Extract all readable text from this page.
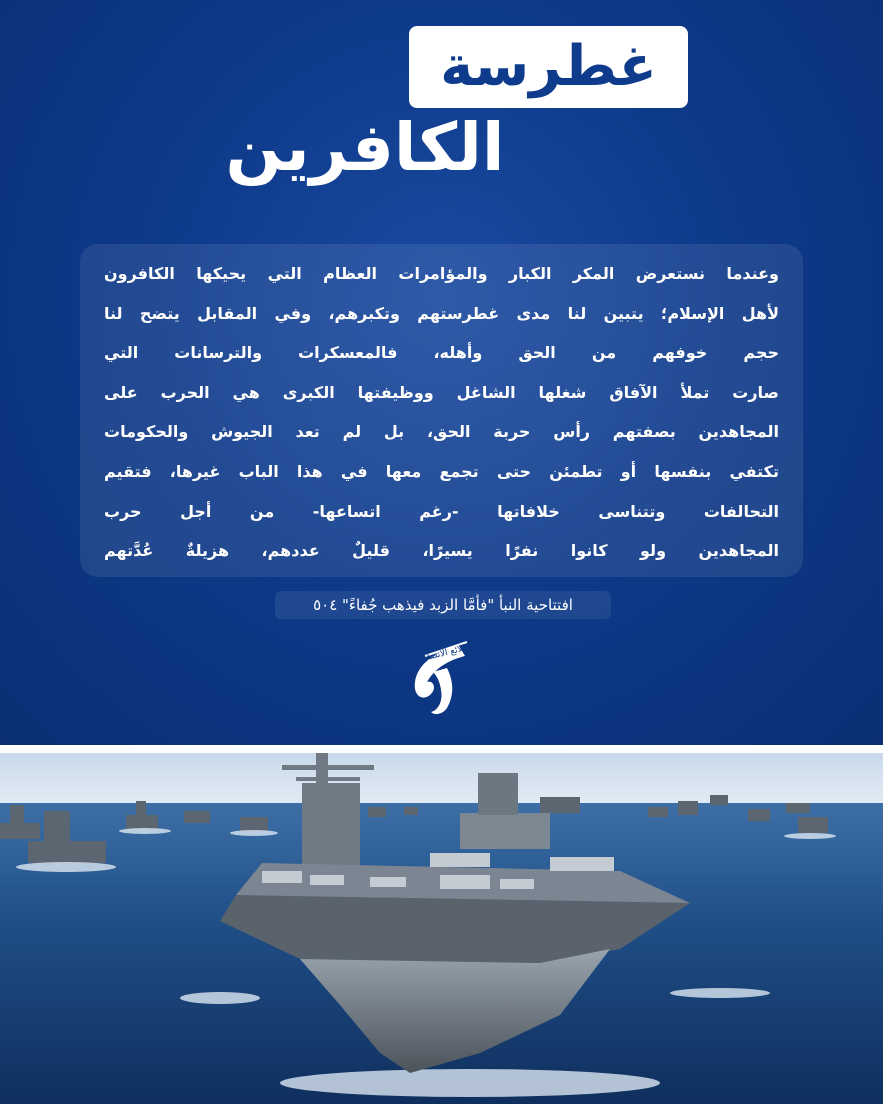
غطرسة
الكافرين
وعندما نستعرض المكر الكبار والمؤامرات العظام التي يحيكها الكافرون
لأهل الإسلام؛ يتبين لنا مدى غطرستهم وتكبرهم، وفي المقابل يتضح لنا
حجم خوفهم من الحق وأهله، فالمعسكرات والترسانات التي
صارت تملأ الآفاق شغلها الشاغل ووظيفتها الكبرى هي الحرب على
المجاهدين بصفتهم رأس حربة الحق، بل لم تعد الجيوش والحكومات
تكتفي بنفسها أو تطمئن حتى تجمع معها في هذا الباب غيرها، فتقيم
التحالفات وتتناسى خلافاتها -رغم اتساعها- من أجل حرب
المجاهدين ولو كانوا نفرًا يسيرًا، قليلٌ عددهم، هزيلةٌ عُدَّتهم
افتتاحية النبأ "فأمَّا الزبد فيذهب جُفاءً" ٥٠٤
طلائع الأنصار
